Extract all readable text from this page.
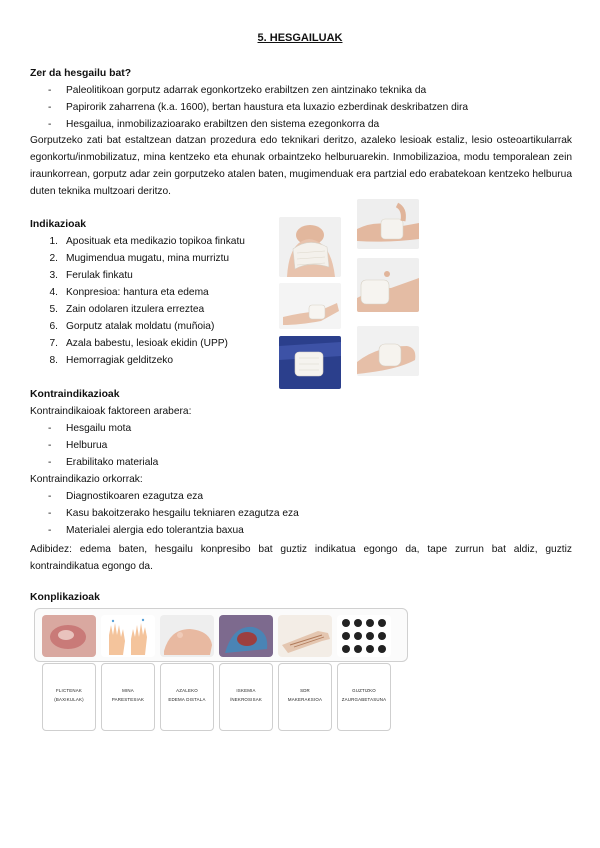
5. HESGAILUAK
Zer da hesgailu bat?
- Paleolitikoan gorputz adarrak egonkortzeko erabiltzen zen aintzinako teknika da
- Papirorik zaharrena (k.a. 1600), bertan haustura eta luxazio ezberdinak deskribatzen dira
- Hesgailua, inmobilizazioarako erabiltzen den sistema ezegonkorra da
Gorputzeko zati bat estaltzean datzan prozedura edo teknikari deritzo, azaleko lesioak estaliz, lesio osteoartikularrak egonkortu/inmobilizatuz, mina kentzeko eta ehunak orbaintzeko helburuarekin. Inmobilizazioa, modu temporalean zein iraunkorrean, gorputz adar zein gorputzeko atalen baten, mugimenduak era partzial edo erabatekoan kentzeko helburua duten teknika multzoari deritzo.
Indikazioak
1. Aposituak eta medikazio topikoa finkatu
2. Mugimendua mugatu, mina murriztu
3. Ferulak finkatu
4. Konpresioa: hantura eta edema
5. Zain odolaren itzulera erreztea
6. Gorputz atalak moldatu (muñoia)
7. Azala babestu, lesioak ekidin (UPP)
8. Hemorragiak gelditzeko
Kontraindikazioak
Kontraindikaioak faktoreen arabera:
- Hesgailu mota
- Helburua
- Erabilitako materiala
Kontraindikazio orkorrak:
- Diagnostikoaren ezagutza eza
- Kasu bakoitzerako hesgailu tekniaren ezagutza eza
- Materialei alergia edo tolerantzia baxua
Adibidez: edema baten, hesgailu konpresibo bat guztiz indikatua egongo da, tape zurrun bat aldiz, guztiz kontraindikatua egongo da.
Konplikazioak
FLICTENAK
(BAXIKULAK)
MINA
PARESTESIAK
AZALEKO
EDEMA DISTALA
ISKEMIA
/NEKROSISAK
SDR
MAKERAKSIOA
GUZTIZKO
ZAURGABETASUNA
